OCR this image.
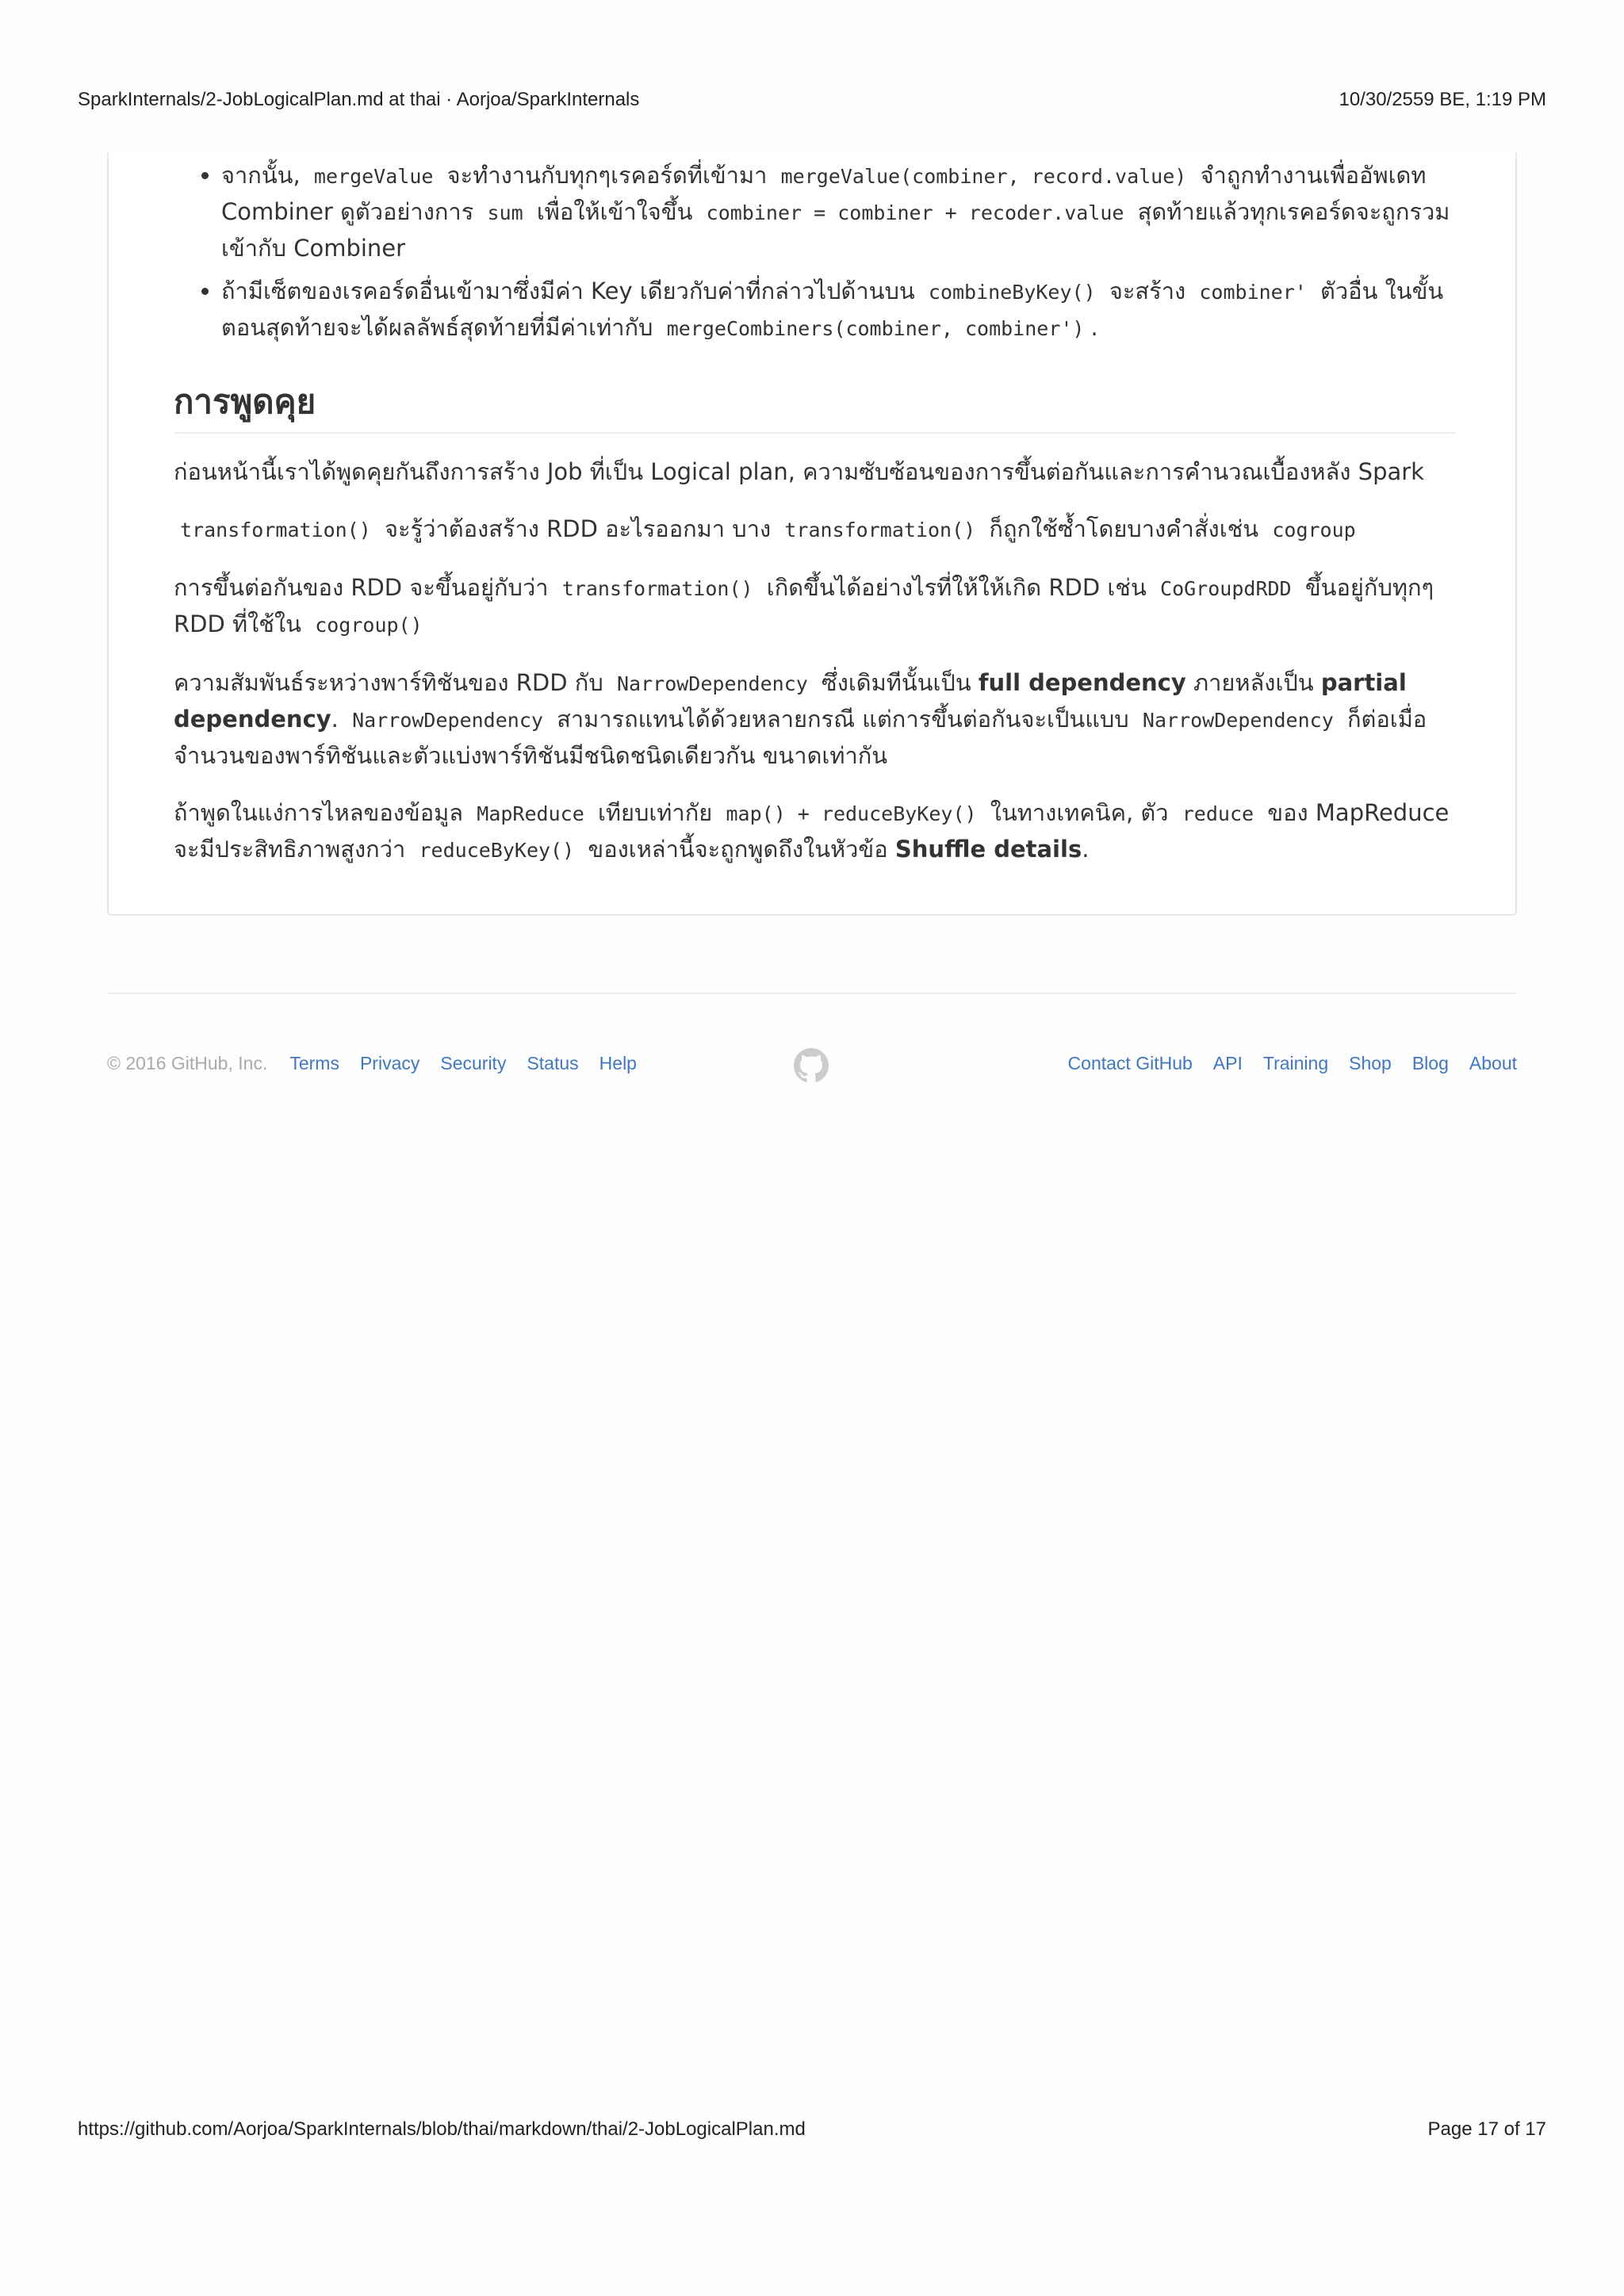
SparkInternals/2-JobLogicalPlan.md at thai · Aorjoa/SparkInternals	10/30/2559 BE, 1:19 PM
• จากนั้น, mergeValue จะทำงานกับทุกๆเรคอร์ดที่เข้ามา mergeValue(combiner, record.value) จำถูกทำงานเพื่ออัพเดท Combiner ดูตัวอย่างการ sum เพื่อให้เข้าใจขึ้น combiner = combiner + recoder.value สุดท้ายแล้วทุกเรคอร์ดจะถูกรวมเข้ากับ Combiner
• ถ้ามีเซ็ตของเรคอร์ดอื่นเข้ามาซึ่งมีค่า Key เดียวกับค่าที่กล่าวไปด้านบน combineByKey() จะสร้าง combiner' ตัวอื่น ในขั้นตอนสุดท้ายจะได้ผลลัพธ์สุดท้ายที่มีค่าเท่ากับ mergeCombiners(combiner, combiner') .
การพูดคุย

ก่อนหน้านี้เราได้พูดคุยกันถึงการสร้าง Job ที่เป็น Logical plan, ความซับซ้อนของการขึ้นต่อกันและการคำนวณเบื้องหลัง Spark

transformation() จะรู้ว่าต้องสร้าง RDD อะไรออกมา บาง transformation() ก็ถูกใช้ซ้ำโดยบางคำสั่งเช่น cogroup

การขึ้นต่อกันของ RDD จะขึ้นอยู่กับว่า transformation() เกิดขึ้นได้อย่างไรที่ให้ให้เกิด RDD เช่น CoGroupdRDD ขึ้นอยู่กับทุกๆ RDD ที่ใช้ใน cogroup()

ความสัมพันธ์ระหว่างพาร์ทิชันของ RDD กับ NarrowDependency ซึ่งเดิมทีนั้นเป็น full dependency ภายหลังเป็น partial dependency. NarrowDependency สามารถแทนได้ด้วยหลายกรณี แต่การขึ้นต่อกันจะเป็นแบบ NarrowDependency ก็ต่อเมื่อจำนวนของพาร์ทิชันและตัวแบ่งพาร์ทิชันมีชนิดชนิดเดียวกัน ขนาดเท่ากัน

ถ้าพูดในแง่การไหลของข้อมูล MapReduce เทียบเท่ากัย map() + reduceByKey() ในทางเทคนิค, ตัว reduce ของ MapReduce จะมีประสิทธิภาพสูงกว่า reduceByKey() ของเหล่านี้จะถูกพูดถึงในหัวข้อ Shuffle details.

© 2016 GitHub, Inc. Terms Privacy Security Status Help	Contact GitHub API Training Shop Blog About
https://github.com/Aorjoa/SparkInternals/blob/thai/markdown/thai/2-JobLogicalPlan.md	Page 17 of 17
